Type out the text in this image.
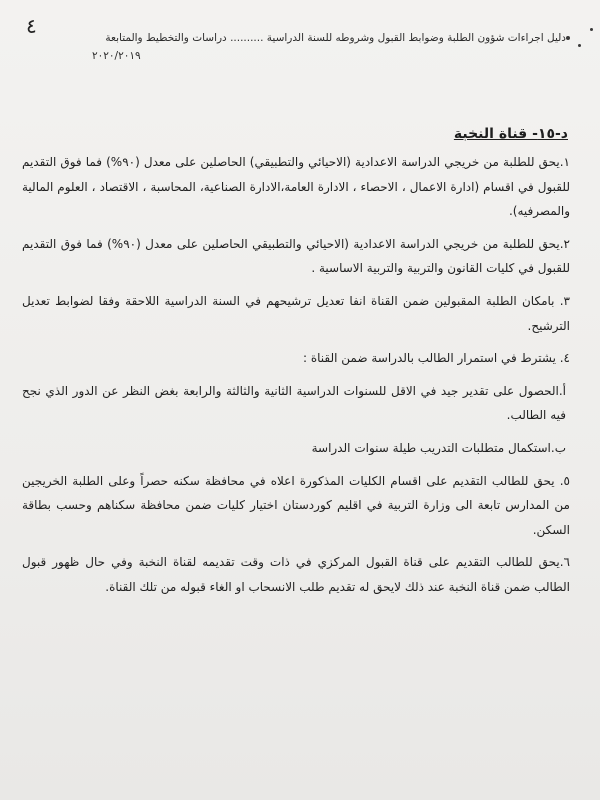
٤	دليل اجراءات شؤون الطلبة وضوابط القبول وشروطه للسنة الدراسية .......... دراسات والتخطيط والمتابعة
٢٠٢٠/٢٠١٩
د-١٥- قناة النخبة

١.يحق للطلبة من خريجي الدراسة الاعدادية (الاحيائي والتطبيقي) الحاصلين على معدل (٩٠%) فما فوق التقديم للقبول في اقسام (ادارة الاعمال ، الاحصاء ، الادارة العامة،الادارة الصناعية، المحاسبة ، الاقتصاد ، العلوم المالية والمصرفيه).

٢.يحق للطلبة من خريجي الدراسة الاعدادية (الاحيائي والتطبيقي الحاصلين على معدل (٩٠%) فما فوق التقديم للقبول في كليات القانون والتربية والتربية الاساسية .

٣. بامكان الطلبة المقبولين ضمن القناة انفا تعديل ترشيحهم في السنة الدراسية اللاحقة وفقا لضوابط تعديل الترشيح.

٤. يشترط في استمرار الطالب بالدراسة ضمن القناة :

أ.الحصول على تقدير جيد في الاقل للسنوات الدراسية الثانية والثالثة والرابعة بغض النظر عن الدور الذي نجح فيه الطالب.

ب.استكمال متطلبات التدريب طيلة سنوات الدراسة

٥. يحق للطالب التقديم على اقسام الكليات المذكورة اعلاه في محافظة سكنه حصراً وعلى الطلبة الخريجين من المدارس تابعة الى وزارة التربية في اقليم كوردستان اختيار كليات ضمن محافظة سكناهم وحسب بطاقة السكن.

٦.يحق للطالب التقديم على قناة القبول المركزي في ذات وقت تقديمه لقناة النخبة وفي حال ظهور قبول الطالب ضمن قناة النخبة عند ذلك لايحق له تقديم طلب الانسحاب او الغاء قبوله من تلك القناة.
